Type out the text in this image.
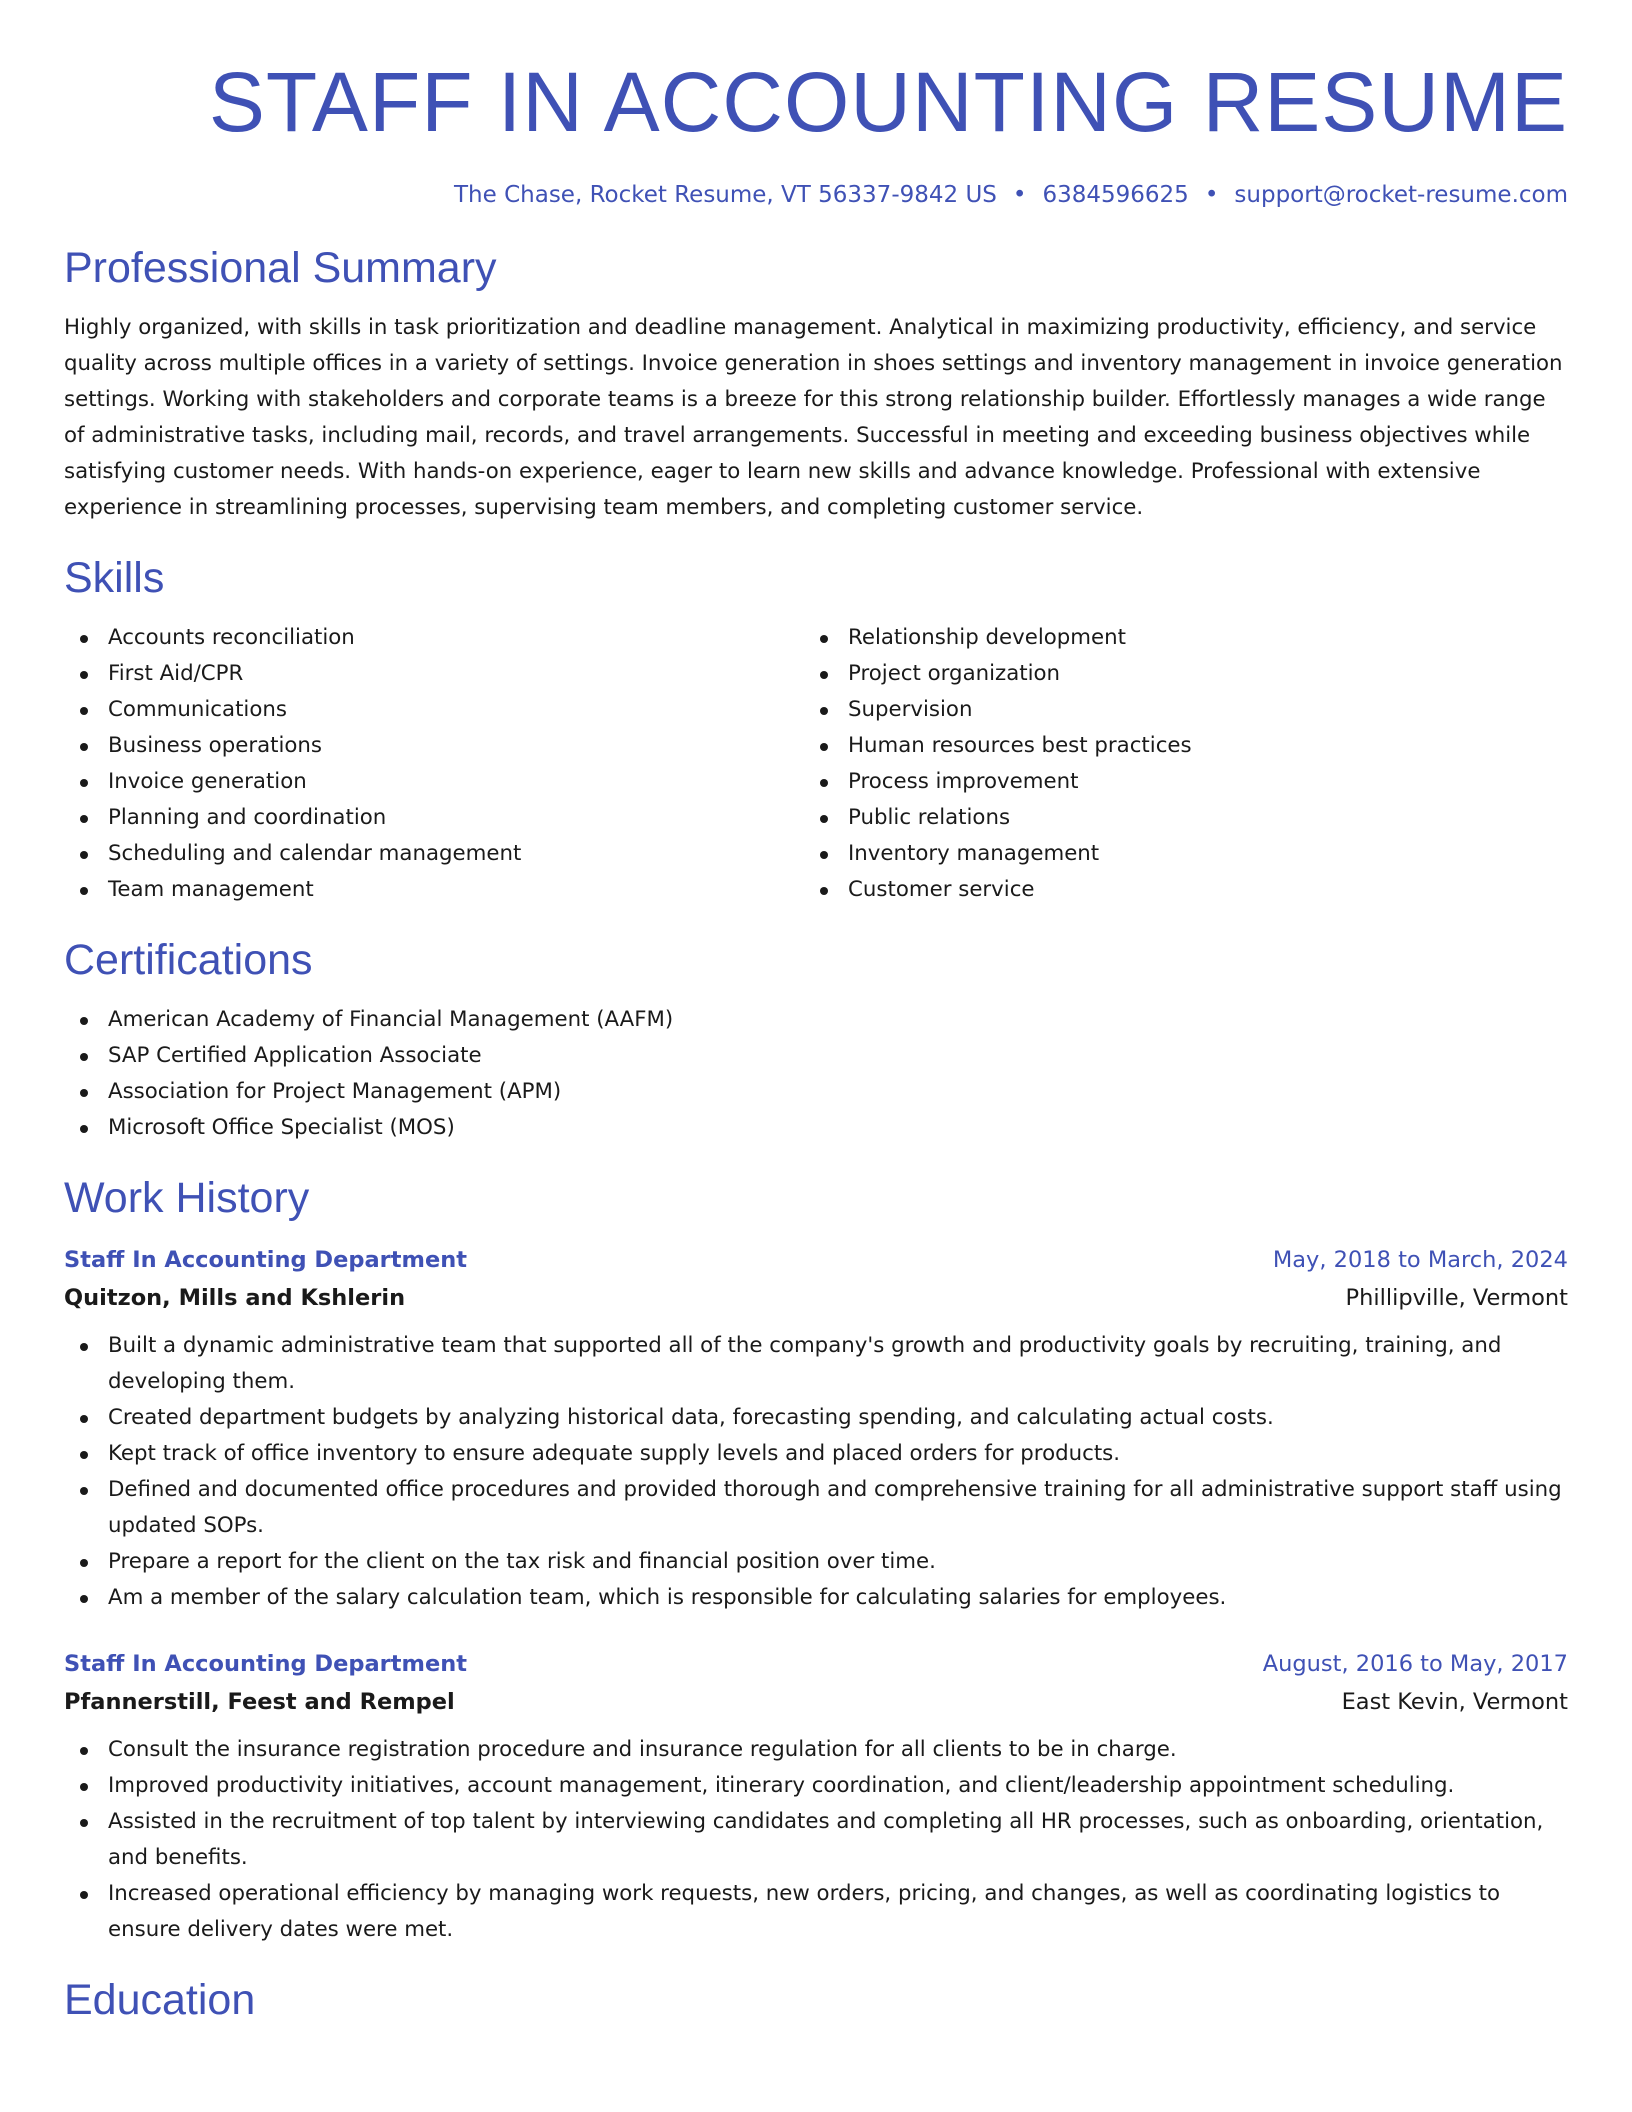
STAFF IN ACCOUNTING RESUME
The Chase, Rocket Resume, VT 56337-9842 US • 6384596625 • support@rocket-resume.com
Professional Summary

Highly organized, with skills in task prioritization and deadline management. Analytical in maximizing productivity, efficiency, and service quality across multiple offices in a variety of settings. Invoice generation in shoes settings and inventory management in invoice generation settings. Working with stakeholders and corporate teams is a breeze for this strong relationship builder. Effortlessly manages a wide range of administrative tasks, including mail, records, and travel arrangements. Successful in meeting and exceeding business objectives while satisfying customer needs. With hands-on experience, eager to learn new skills and advance knowledge. Professional with extensive experience in streamlining processes, supervising team members, and completing customer service.

Skills
Accounts reconciliation
First Aid/CPR
Communications
Business operations
Invoice generation
Planning and coordination
Scheduling and calendar management
Team management
Relationship development
Project organization
Supervision
Human resources best practices
Process improvement
Public relations
Inventory management
Customer service
Certifications
American Academy of Financial Management (AAFM)
SAP Certified Application Associate
Association for Project Management (APM)
Microsoft Office Specialist (MOS)
Work History
Staff In Accounting Department	May, 2018 to March, 2024
Quitzon, Mills and Kshlerin	Phillipville, Vermont
Built a dynamic administrative team that supported all of the company's growth and productivity goals by recruiting, training, and developing them.
Created department budgets by analyzing historical data, forecasting spending, and calculating actual costs.
Kept track of office inventory to ensure adequate supply levels and placed orders for products.
Defined and documented office procedures and provided thorough and comprehensive training for all administrative support staff using updated SOPs.
Prepare a report for the client on the tax risk and financial position over time.
Am a member of the salary calculation team, which is responsible for calculating salaries for employees.
Staff In Accounting Department	August, 2016 to May, 2017
Pfannerstill, Feest and Rempel	East Kevin, Vermont
Consult the insurance registration procedure and insurance regulation for all clients to be in charge.
Improved productivity initiatives, account management, itinerary coordination, and client/leadership appointment scheduling.
Assisted in the recruitment of top talent by interviewing candidates and completing all HR processes, such as onboarding, orientation, and benefits.
Increased operational efficiency by managing work requests, new orders, pricing, and changes, as well as coordinating logistics to ensure delivery dates were met.
Education
